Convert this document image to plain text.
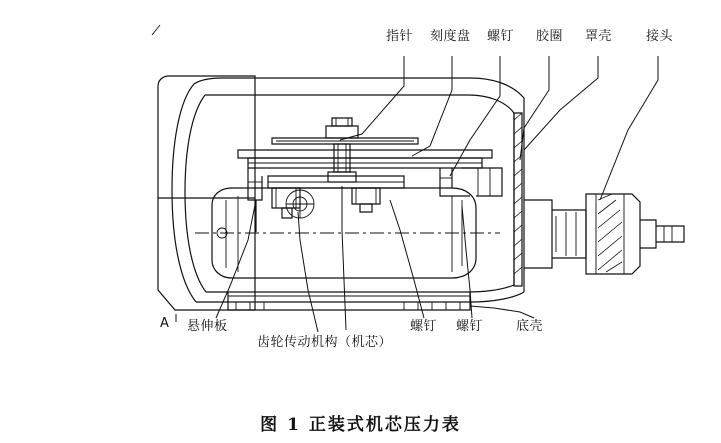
指针 刻度盘 螺钉 胶圈 罩壳	接头
A 悬伸板
齿轮传动机构（机芯）
螺钉 螺钉	底壳
图 1 正装式机芯压力表
